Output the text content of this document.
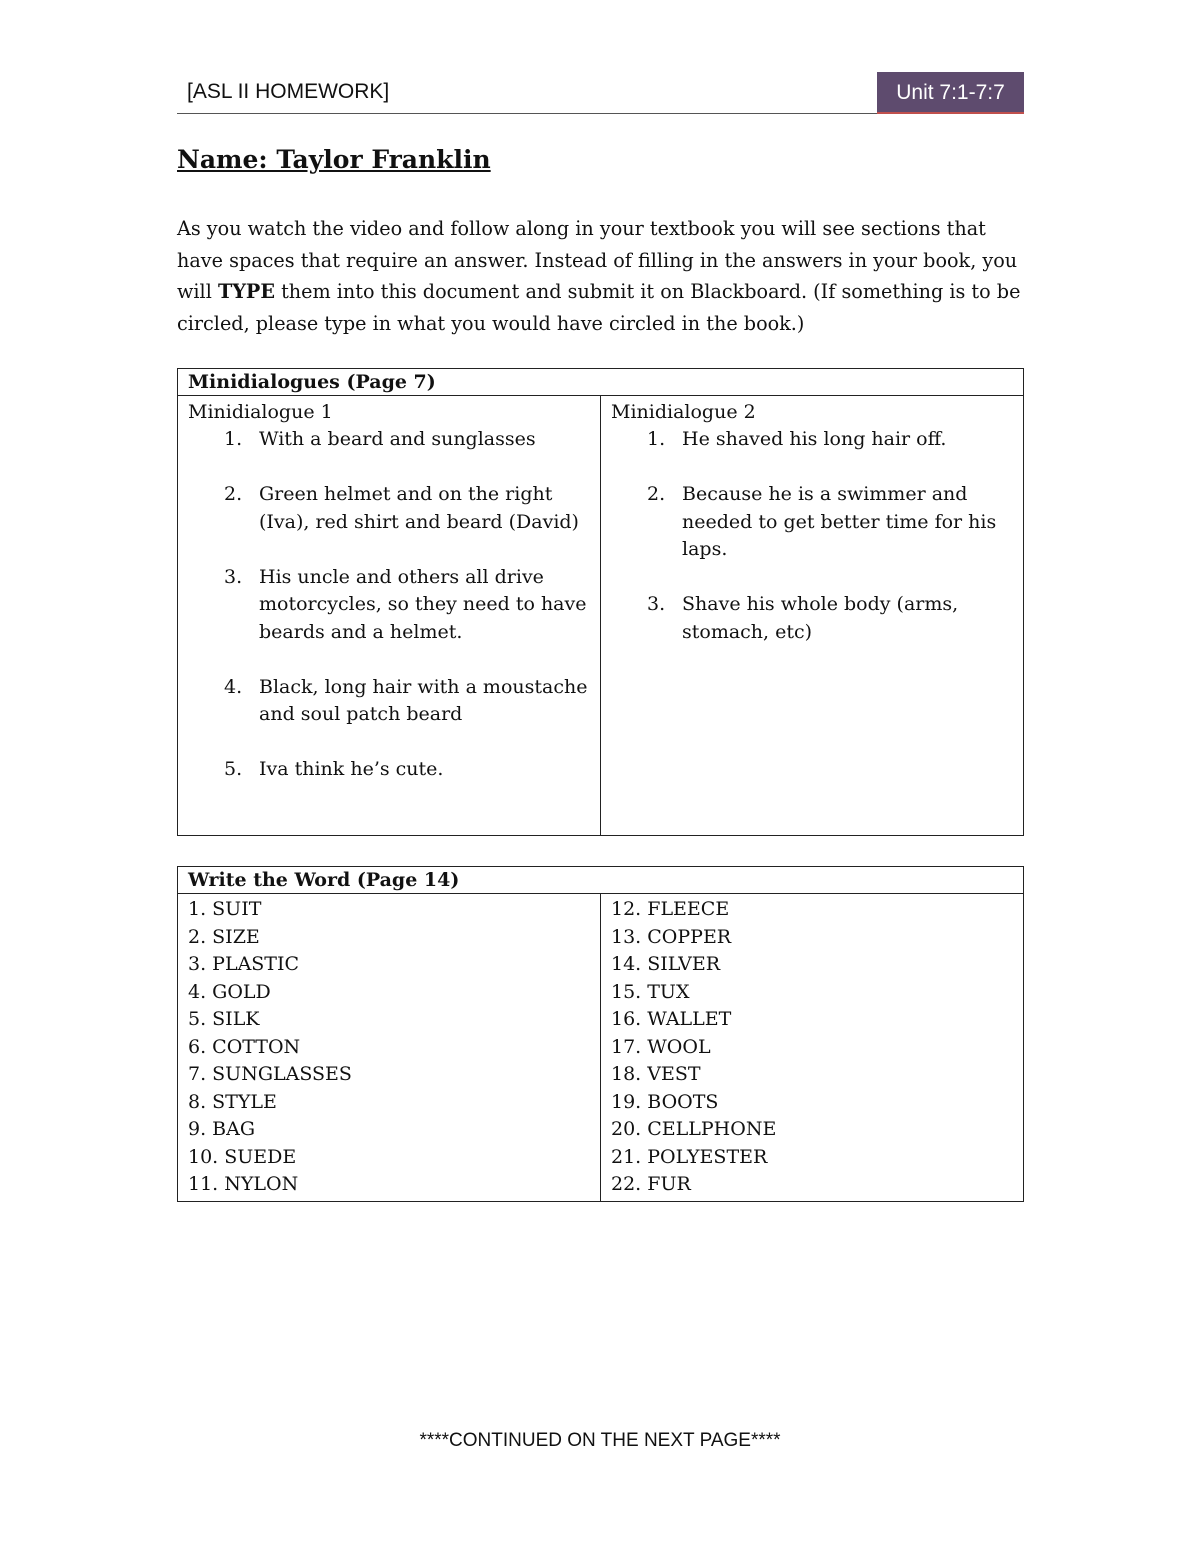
[ASL II HOMEWORK]	Unit 7:1-7:7
Name: Taylor Franklin
As you watch the video and follow along in your textbook you will see sections that have spaces that require an answer. Instead of filling in the answers in your book, you will TYPE them into this document and submit it on Blackboard. (If something is to be circled, please type in what you would have circled in the book.)
Minidialogues (Page 7)

Minidialogue 1
1. With a beard and sunglasses
2. Green helmet and on the right (Iva), red shirt and beard (David)
3. His uncle and others all drive motorcycles, so they need to have beards and a helmet.
4. Black, long hair with a moustache and soul patch beard
5. Iva think he’s cute.

Minidialogue 2
1. He shaved his long hair off.
2. Because he is a swimmer and needed to get better time for his laps.
3. Shave his whole body (arms, stomach, etc)
Write the Word (Page 14)

1. SUIT
2. SIZE
3. PLASTIC
4. GOLD
5. SILK
6. COTTON
7. SUNGLASSES
8. STYLE
9. BAG
10. SUEDE
11. NYLON

12. FLEECE
13. COPPER
14. SILVER
15. TUX
16. WALLET
17. WOOL
18. VEST
19. BOOTS
20. CELLPHONE
21. POLYESTER
22. FUR
****CONTINUED ON THE NEXT PAGE****
